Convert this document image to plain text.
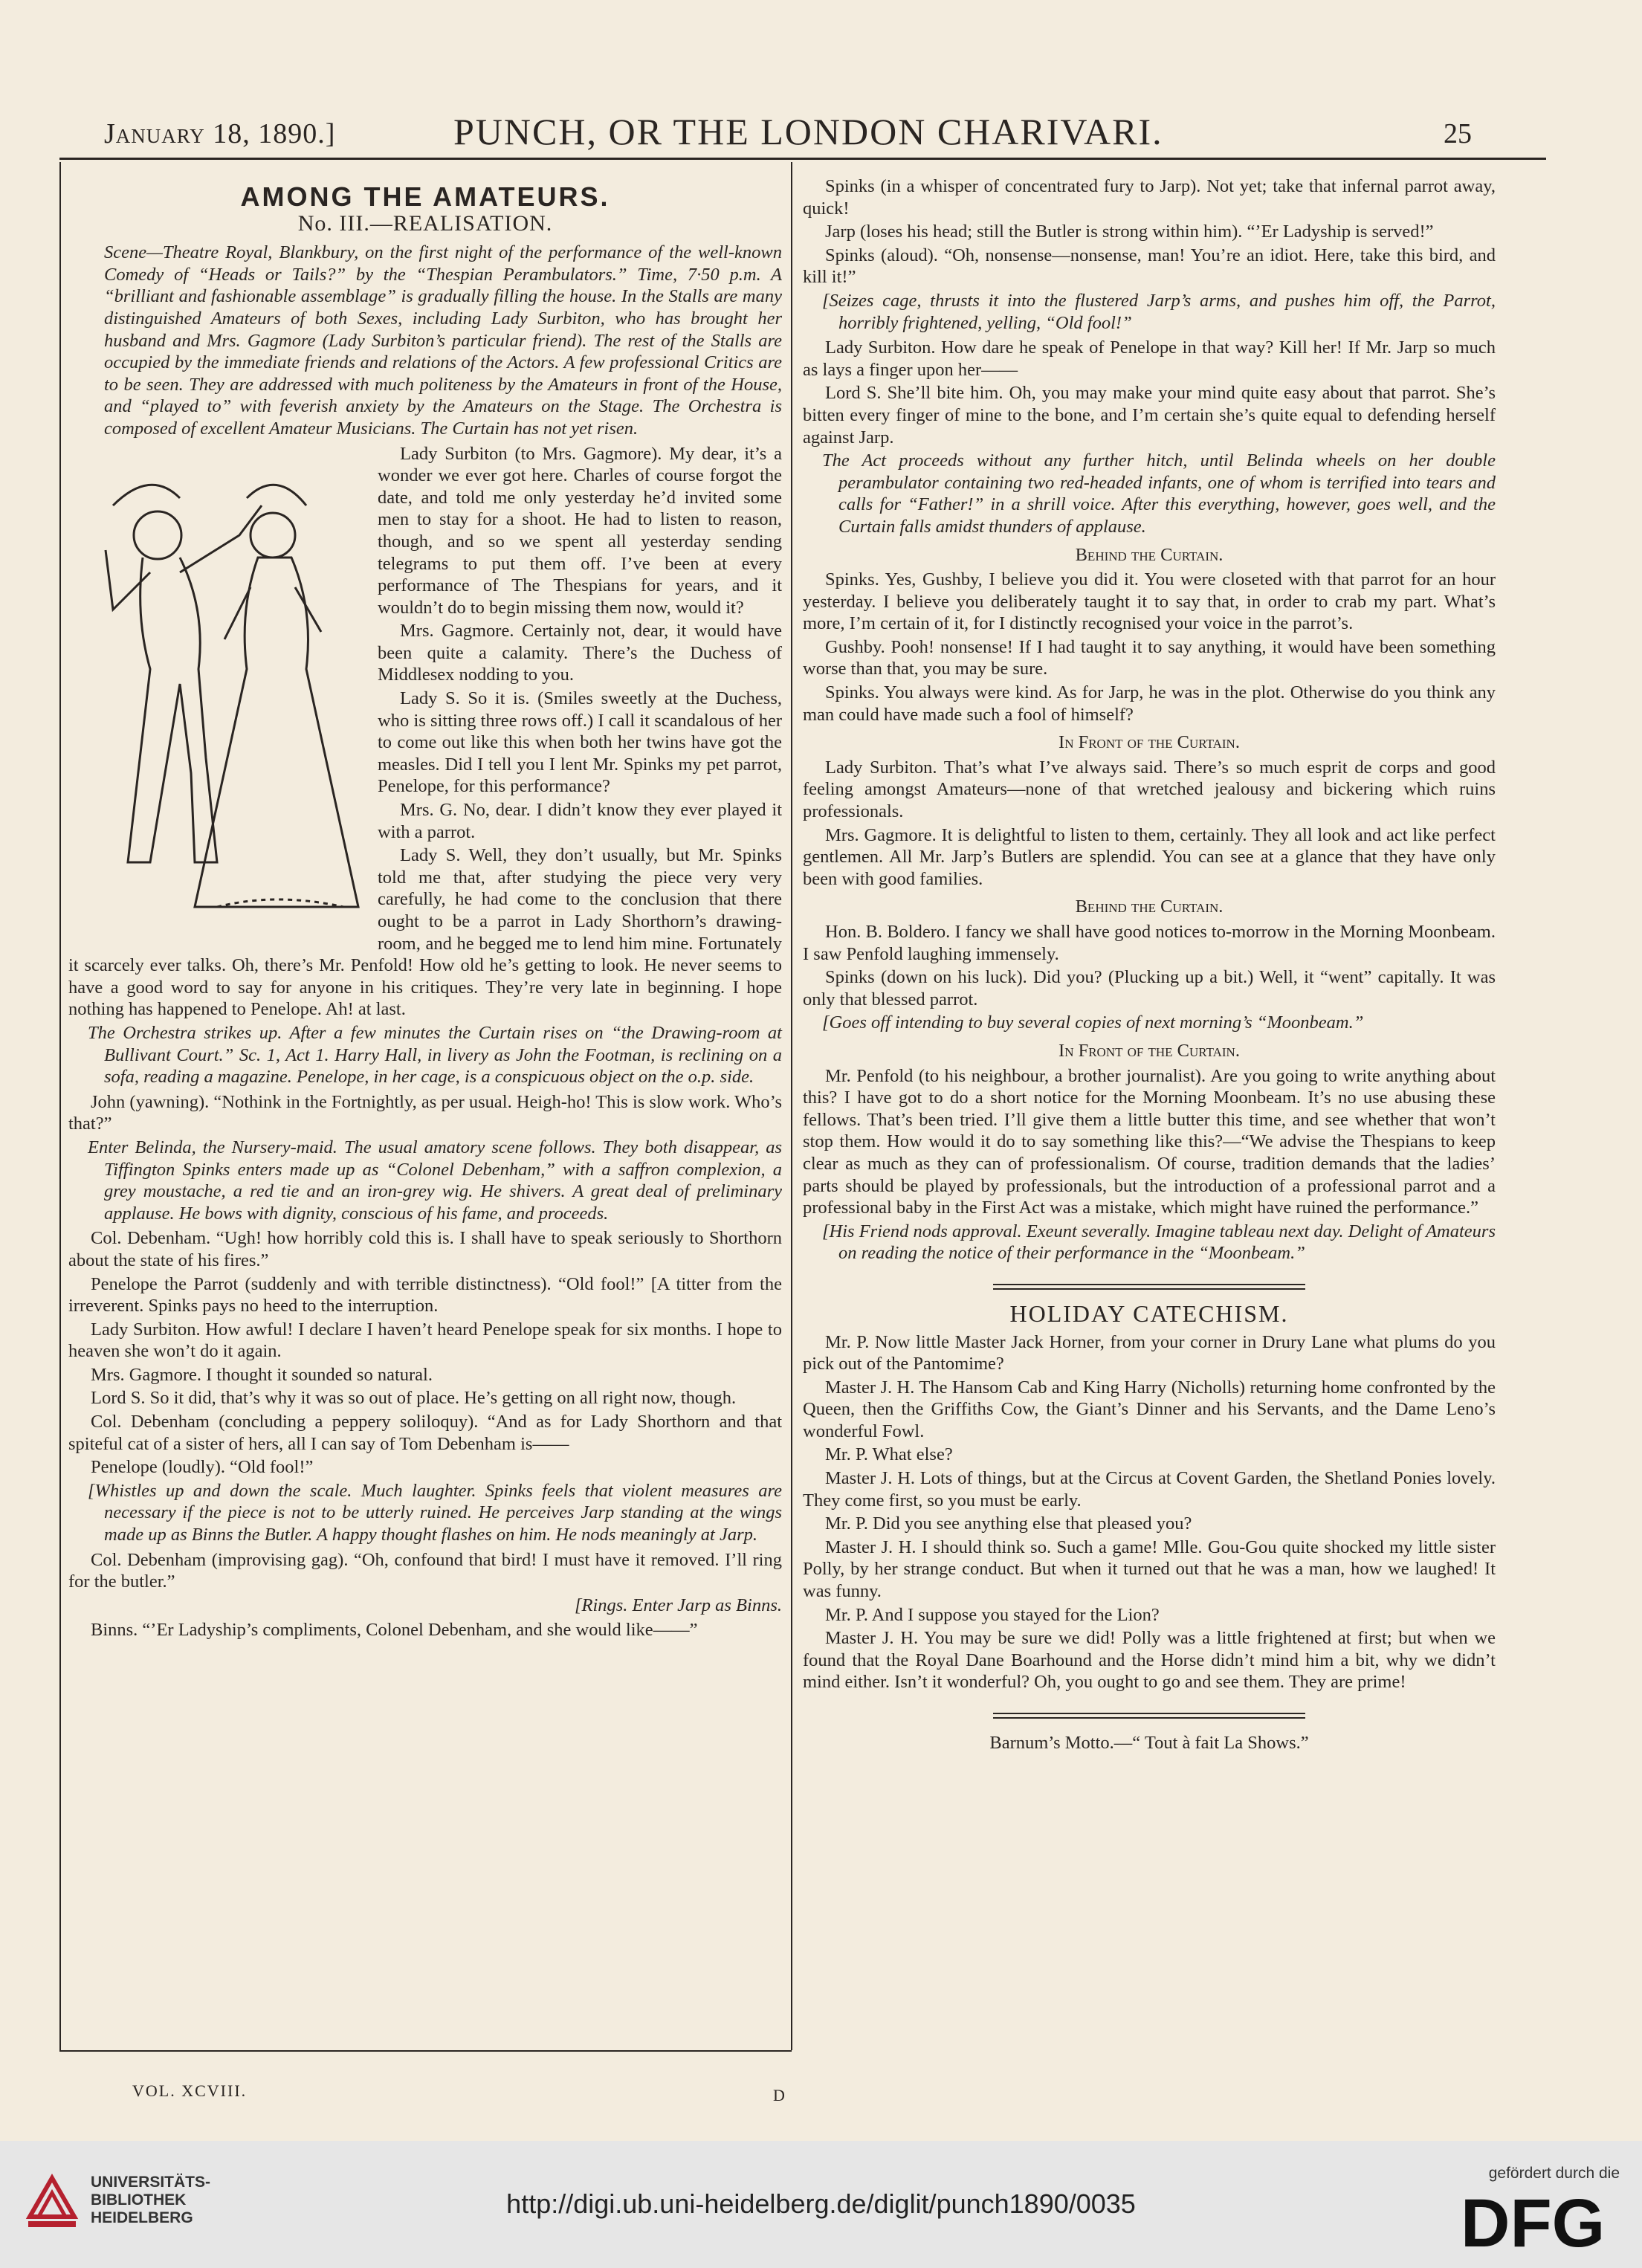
January 18, 1890.]	PUNCH, OR THE LONDON CHARIVARI.	25
AMONG THE AMATEURS.
No. III.—REALISATION.

Scene—Theatre Royal, Blankbury, on the first night of the performance of the well-known Comedy of “Heads or Tails?” by the “Thespian Perambulators.” Time, 7·50 p.m. A “brilliant and fashionable assemblage” is gradually filling the house. In the Stalls are many distinguished Amateurs of both Sexes, including Lady Surbiton, who has brought her husband and Mrs. Gagmore (Lady Surbiton’s particular friend). The rest of the Stalls are occupied by the immediate friends and relations of the Actors. A few professional Critics are to be seen. They are addressed with much politeness by the Amateurs in front of the House, and “played to” with feverish anxiety by the Amateurs on the Stage. The Orchestra is composed of excellent Amateur Musicians. The Curtain has not yet risen.

Lady Surbiton (to Mrs. Gagmore). My dear, it’s a wonder we ever got here. Charles of course forgot the date, and told me only yesterday he’d invited some men to stay for a shoot. He had to listen to reason, though, and so we spent all yesterday sending telegrams to put them off. I’ve been at every performance of The Thespians for years, and it wouldn’t do to begin missing them now, would it?

Mrs. Gagmore. Certainly not, dear, it would have been quite a calamity. There’s the Duchess of Middlesex nodding to you.

Lady S. So it is. (Smiles sweetly at the Duchess, who is sitting three rows off.) I call it scandalous of her to come out like this when both her twins have got the measles. Did I tell you I lent Mr. Spinks my pet parrot, Penelope, for this performance?

Mrs. G. No, dear. I didn’t know they ever played it with a parrot.

Lady S. Well, they don’t usually, but Mr. Spinks told me that, after studying the piece very very carefully, he had come to the conclusion that there ought to be a parrot in Lady Shorthorn’s drawing-room, and he begged me to lend him mine. Fortunately it scarcely ever talks. Oh, there’s Mr. Penfold! How old he’s getting to look. He never seems to have a good word to say for anyone in his critiques. They’re very late in beginning. I hope nothing has happened to Penelope. Ah! at last.

The Orchestra strikes up. After a few minutes the Curtain rises on “the Drawing-room at Bullivant Court.” Sc. 1, Act 1. Harry Hall, in livery as John the Footman, is reclining on a sofa, reading a magazine. Penelope, in her cage, is a conspicuous object on the o.p. side.

John (yawning). “Nothink in the Fortnightly, as per usual. Heigh-ho! This is slow work. Who’s that?”

Enter Belinda, the Nursery-maid. The usual amatory scene follows. They both disappear, as Tiffington Spinks enters made up as “Colonel Debenham,” with a saffron complexion, a grey moustache, a red tie and an iron-grey wig. He shivers. A great deal of preliminary applause. He bows with dignity, conscious of his fame, and proceeds.

Col. Debenham. “Ugh! how horribly cold this is. I shall have to speak seriously to Shorthorn about the state of his fires.”

Penelope the Parrot (suddenly and with terrible distinctness). “Old fool!” [A titter from the irreverent. Spinks pays no heed to the interruption.

Lady Surbiton. How awful! I declare I haven’t heard Penelope speak for six months. I hope to heaven she won’t do it again.

Mrs. Gagmore. I thought it sounded so natural.

Lord S. So it did, that’s why it was so out of place. He’s getting on all right now, though.

Col. Debenham (concluding a peppery soliloquy). “And as for Lady Shorthorn and that spiteful cat of a sister of hers, all I can say of Tom Debenham is——

Penelope (loudly). “Old fool!”

[Whistles up and down the scale. Much laughter. Spinks feels that violent measures are necessary if the piece is not to be utterly ruined. He perceives Jarp standing at the wings made up as Binns the Butler. A happy thought flashes on him. He nods meaningly at Jarp.

Col. Debenham (improvising gag). “Oh, confound that bird! I must have it removed. I’ll ring for the butler.”

[Rings. Enter Jarp as Binns.

Binns. “’Er Ladyship’s compliments, Colonel Debenham, and she would like——”

Spinks (in a whisper of concentrated fury to Jarp). Not yet; take that infernal parrot away, quick!

Jarp (loses his head; still the Butler is strong within him). “’Er Ladyship is served!”

Spinks (aloud). “Oh, nonsense—nonsense, man! You’re an idiot. Here, take this bird, and kill it!”

[Seizes cage, thrusts it into the flustered Jarp’s arms, and pushes him off, the Parrot, horribly frightened, yelling, “Old fool!”

Lady Surbiton. How dare he speak of Penelope in that way? Kill her! If Mr. Jarp so much as lays a finger upon her——

Lord S. She’ll bite him. Oh, you may make your mind quite easy about that parrot. She’s bitten every finger of mine to the bone, and I’m certain she’s quite equal to defending herself against Jarp.

The Act proceeds without any further hitch, until Belinda wheels on her double perambulator containing two red-headed infants, one of whom is terrified into tears and calls for “Father!” in a shrill voice. After this everything, however, goes well, and the Curtain falls amidst thunders of applause.

Behind the Curtain.

Spinks. Yes, Gushby, I believe you did it. You were closeted with that parrot for an hour yesterday. I believe you deliberately taught it to say that, in order to crab my part. What’s more, I’m certain of it, for I distinctly recognised your voice in the parrot’s.

Gushby. Pooh! nonsense! If I had taught it to say anything, it would have been something worse than that, you may be sure.

Spinks. You always were kind. As for Jarp, he was in the plot. Otherwise do you think any man could have made such a fool of himself?

In Front of the Curtain.

Lady Surbiton. That’s what I’ve always said. There’s so much esprit de corps and good feeling amongst Amateurs—none of that wretched jealousy and bickering which ruins professionals.

Mrs. Gagmore. It is delightful to listen to them, certainly. They all look and act like perfect gentlemen. All Mr. Jarp’s Butlers are splendid. You can see at a glance that they have only been with good families.

Behind the Curtain.

Hon. B. Boldero. I fancy we shall have good notices to-morrow in the Morning Moonbeam. I saw Penfold laughing immensely.

Spinks (down on his luck). Did you? (Plucking up a bit.) Well, it “went” capitally. It was only that blessed parrot.

[Goes off intending to buy several copies of next morning’s “Moonbeam.”

In Front of the Curtain.

Mr. Penfold (to his neighbour, a brother journalist). Are you going to write anything about this? I have got to do a short notice for the Morning Moonbeam. It’s no use abusing these fellows. That’s been tried. I’ll give them a little butter this time, and see whether that won’t stop them. How would it do to say something like this?—“We advise the Thespians to keep clear as much as they can of professionalism. Of course, tradition demands that the ladies’ parts should be played by professionals, but the introduction of a professional parrot and a professional baby in the First Act was a mistake, which might have ruined the performance.”

[His Friend nods approval. Exeunt severally. Imagine tableau next day. Delight of Amateurs on reading the notice of their performance in the “Moonbeam.”

HOLIDAY CATECHISM.

Mr. P. Now little Master Jack Horner, from your corner in Drury Lane what plums do you pick out of the Pantomime?

Master J. H. The Hansom Cab and King Harry (Nicholls) returning home confronted by the Queen, then the Griffiths Cow, the Giant’s Dinner and his Servants, and the Dame Leno’s wonderful Fowl.

Mr. P. What else?

Master J. H. Lots of things, but at the Circus at Covent Garden, the Shetland Ponies lovely. They come first, so you must be early.

Mr. P. Did you see anything else that pleased you?

Master J. H. I should think so. Such a game! Mlle. Gou-Gou quite shocked my little sister Polly, by her strange conduct. But when it turned out that he was a man, how we laughed! It was funny.

Mr. P. And I suppose you stayed for the Lion?

Master J. H. You may be sure we did! Polly was a little frightened at first; but when we found that the Royal Dane Boarhound and the Horse didn’t mind him a bit, why we didn’t mind either. Isn’t it wonderful? Oh, you ought to go and see them. They are prime!

Barnum’s Motto.—“ Tout à fait La Shows.”

VOL. XCVIII.	D
UNIVERSITÄTS-
BIBLIOTHEK
HEIDELBERG	http://digi.ub.uni-heidelberg.de/diglit/punch1890/0035
gefördert durch die
DFG
